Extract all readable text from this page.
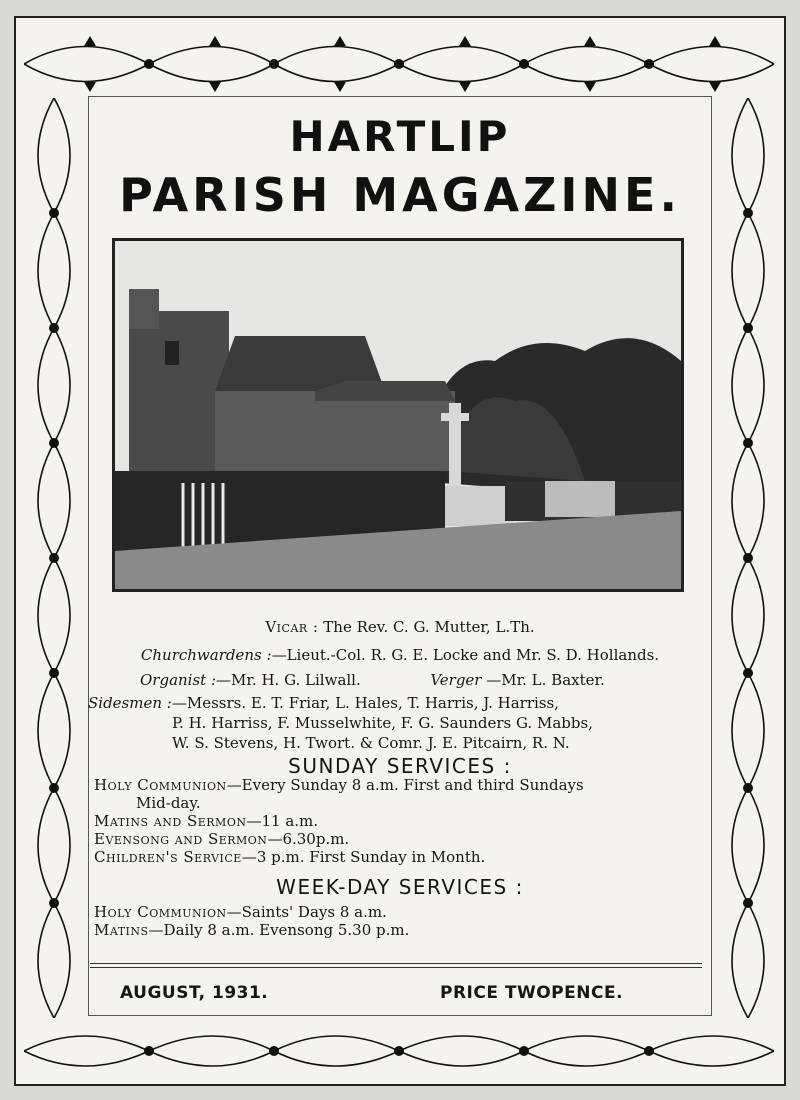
HARTLIP
PARISH MAGAZINE.
Vicar : The Rev. C. G. Mutter, L.Th.
Churchwardens :—Lieut.-Col. R. G. E. Locke and Mr. S. D. Hollands.
Organist :—Mr. H. G. Lilwall.	Verger —Mr. L. Baxter.
Sidesmen :—Messrs. E. T. Friar, L. Hales, T. Harris, J. Harriss,
P. H. Harriss, F. Musselwhite, F. G. Saunders G. Mabbs,
W. S. Stevens, H. Twort. & Comr. J. E. Pitcairn, R. N.
SUNDAY SERVICES :
Holy Communion—Every Sunday 8 a.m. First and third Sundays
Mid-day.
Matins and Sermon—11 a.m.
Evensong and Sermon—6.30p.m.
Children's Service—3 p.m. First Sunday in Month.
WEEK-DAY SERVICES :
Holy Communion—Saints' Days 8 a.m.
Matins—Daily 8 a.m. Evensong 5.30 p.m.
AUGUST, 1931.	PRICE TWOPENCE.
